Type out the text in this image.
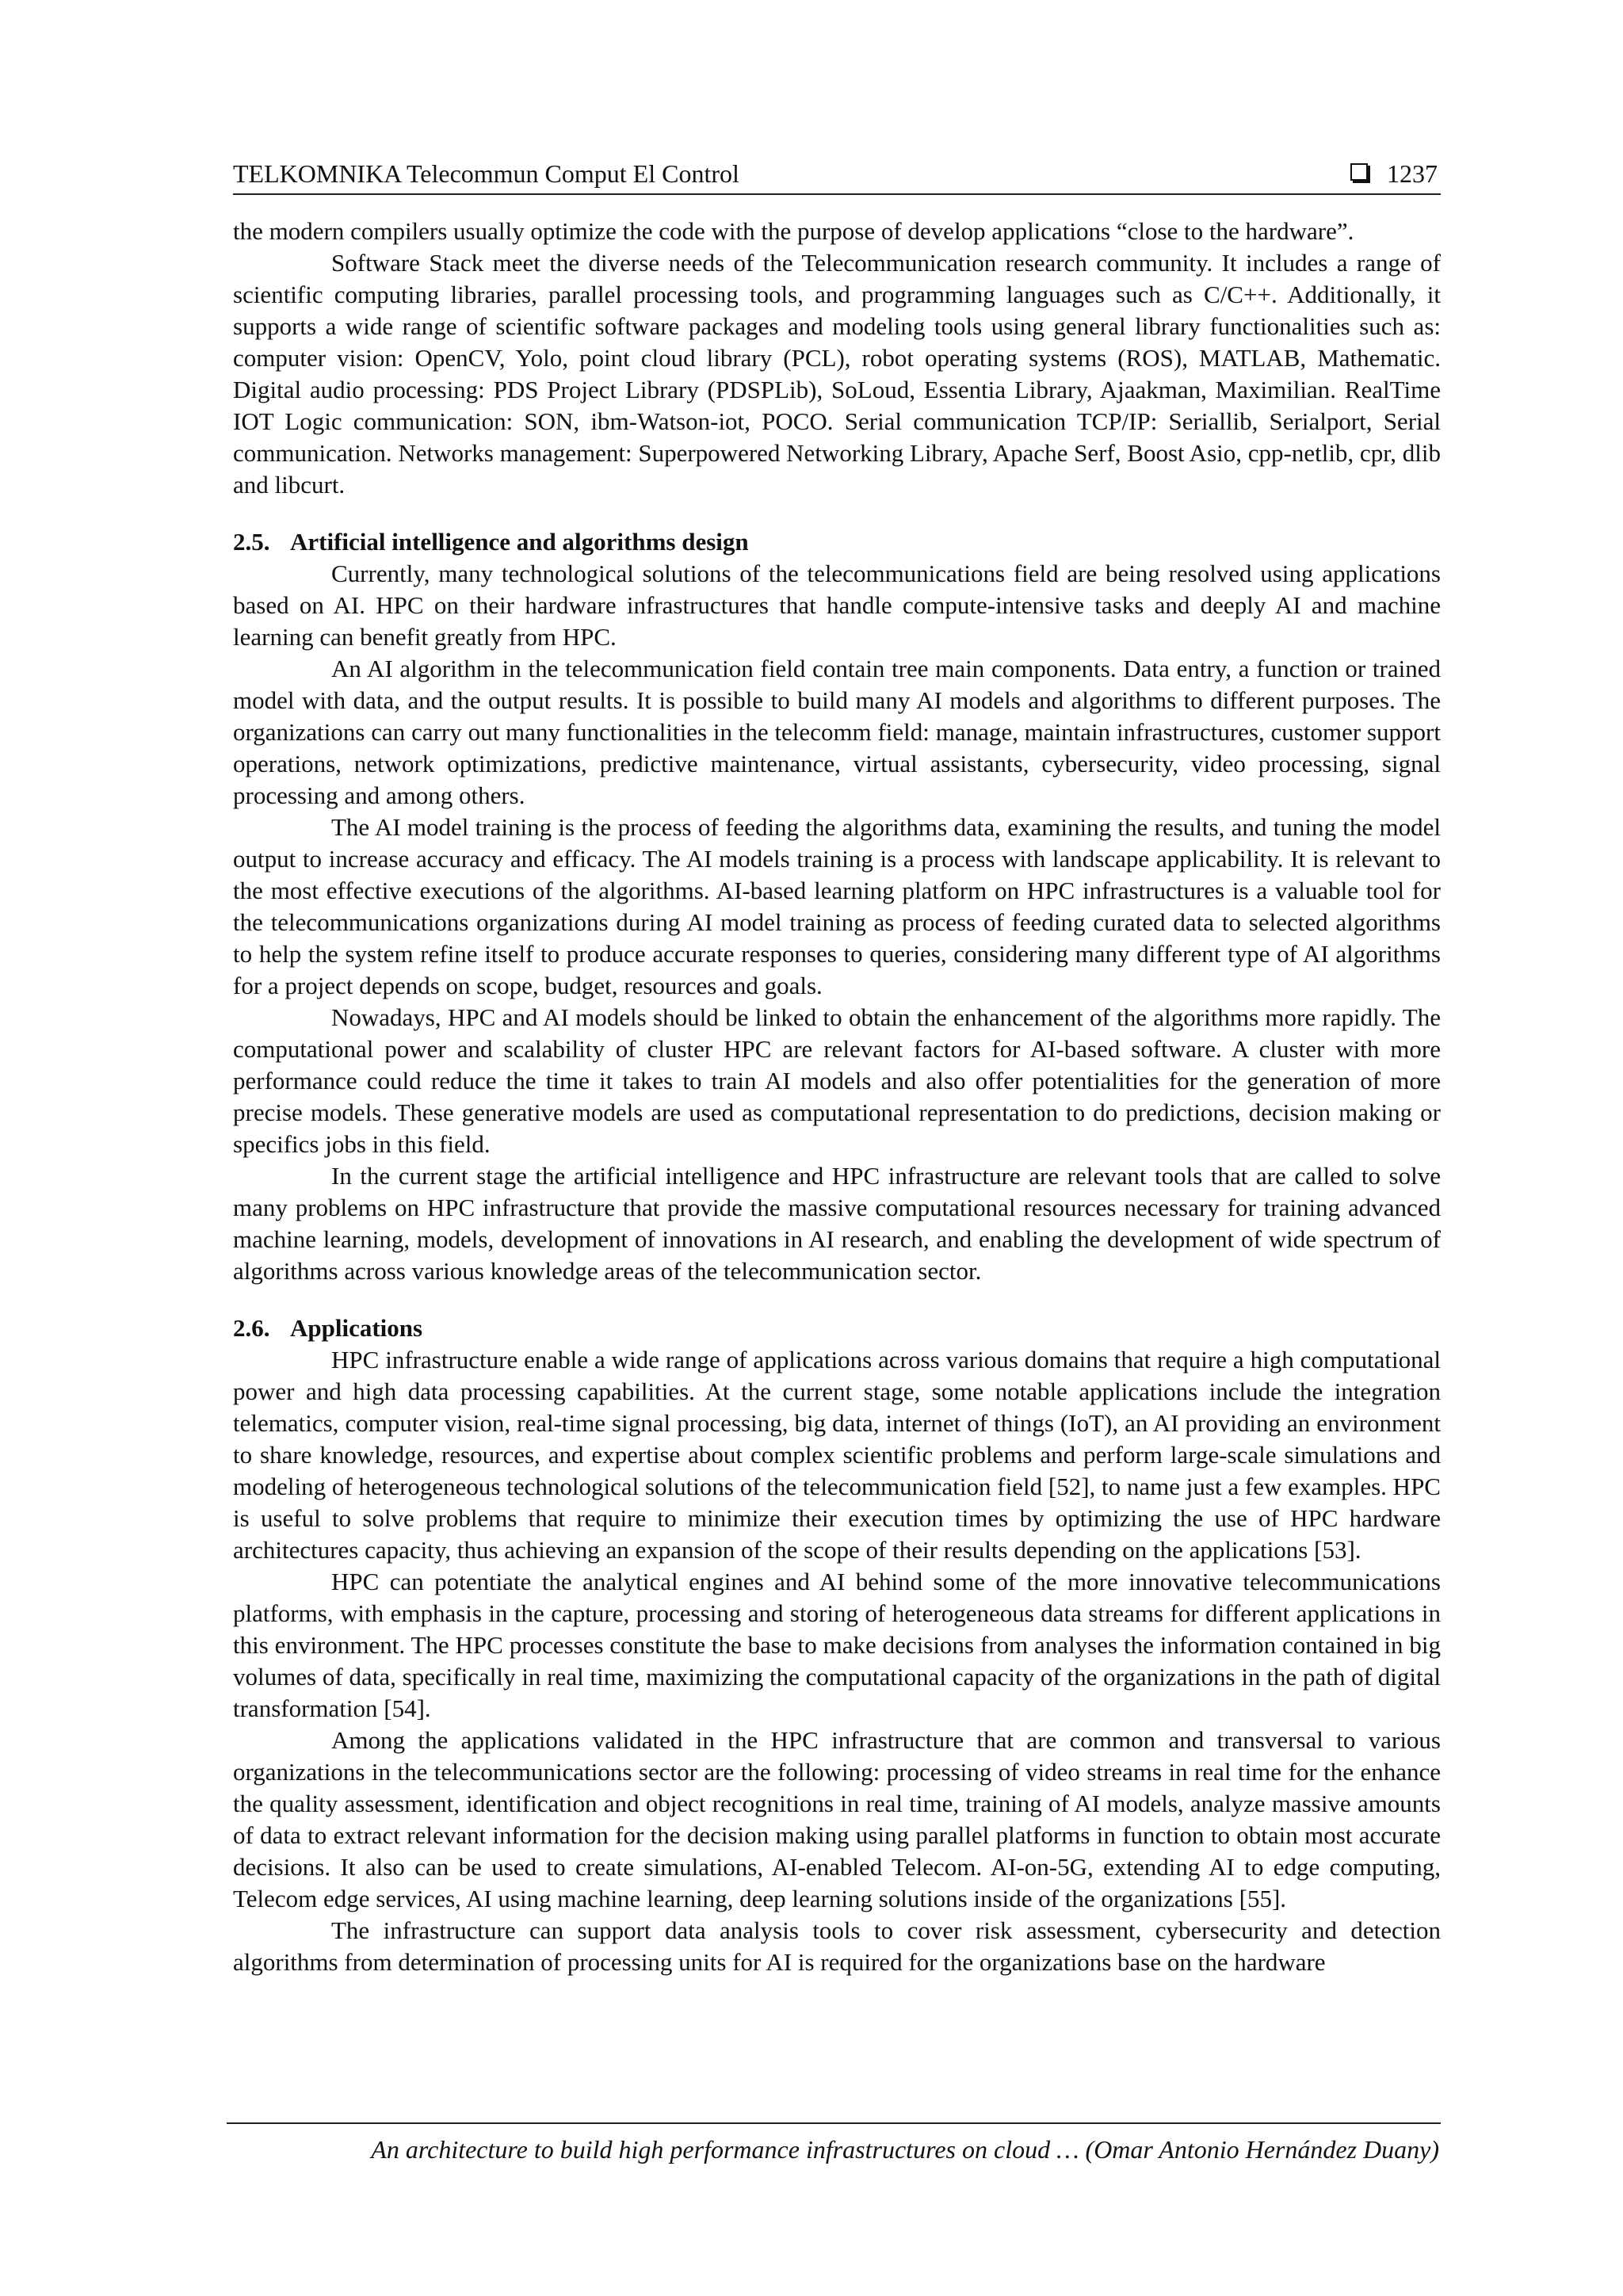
TELKOMNIKA Telecommun Comput El Control	1237

the modern compilers usually optimize the code with the purpose of develop applications “close to the hardware”.

Software Stack meet the diverse needs of the Telecommunication research community. It includes a range of scientific computing libraries, parallel processing tools, and programming languages such as C/C++. Additionally, it supports a wide range of scientific software packages and modeling tools using general library functionalities such as: computer vision: OpenCV, Yolo, point cloud library (PCL), robot operating systems (ROS), MATLAB, Mathematic. Digital audio processing: PDS Project Library (PDSPLib), SoLoud, Essentia Library, Ajaakman, Maximilian. RealTime IOT Logic communication: SON, ibm-Watson-iot, POCO. Serial communication TCP/IP: Seriallib, Serialport, Serial communication. Networks management: Superpowered Networking Library, Apache Serf, Boost Asio, cpp-netlib, cpr, dlib and libcurt.

2.5. Artificial intelligence and algorithms design

Currently, many technological solutions of the telecommunications field are being resolved using applications based on AI. HPC on their hardware infrastructures that handle compute-intensive tasks and deeply AI and machine learning can benefit greatly from HPC.

An AI algorithm in the telecommunication field contain tree main components. Data entry, a function or trained model with data, and the output results. It is possible to build many AI models and algorithms to different purposes. The organizations can carry out many functionalities in the telecomm field: manage, maintain infrastructures, customer support operations, network optimizations, predictive maintenance, virtual assistants, cybersecurity, video processing, signal processing and among others.

The AI model training is the process of feeding the algorithms data, examining the results, and tuning the model output to increase accuracy and efficacy. The AI models training is a process with landscape applicability. It is relevant to the most effective executions of the algorithms. AI-based learning platform on HPC infrastructures is a valuable tool for the telecommunications organizations during AI model training as process of feeding curated data to selected algorithms to help the system refine itself to produce accurate responses to queries, considering many different type of AI algorithms for a project depends on scope, budget, resources and goals.

Nowadays, HPC and AI models should be linked to obtain the enhancement of the algorithms more rapidly. The computational power and scalability of cluster HPC are relevant factors for AI-based software. A cluster with more performance could reduce the time it takes to train AI models and also offer potentialities for the generation of more precise models. These generative models are used as computational representation to do predictions, decision making or specifics jobs in this field.

In the current stage the artificial intelligence and HPC infrastructure are relevant tools that are called to solve many problems on HPC infrastructure that provide the massive computational resources necessary for training advanced machine learning, models, development of innovations in AI research, and enabling the development of wide spectrum of algorithms across various knowledge areas of the telecommunication sector.

2.6. Applications

HPC infrastructure enable a wide range of applications across various domains that require a high computational power and high data processing capabilities. At the current stage, some notable applications include the integration telematics, computer vision, real-time signal processing, big data, internet of things (IoT), an AI providing an environment to share knowledge, resources, and expertise about complex scientific problems and perform large-scale simulations and modeling of heterogeneous technological solutions of the telecommunication field [52], to name just a few examples. HPC is useful to solve problems that require to minimize their execution times by optimizing the use of HPC hardware architectures capacity, thus achieving an expansion of the scope of their results depending on the applications [53].

HPC can potentiate the analytical engines and AI behind some of the more innovative telecommunications platforms, with emphasis in the capture, processing and storing of heterogeneous data streams for different applications in this environment. The HPC processes constitute the base to make decisions from analyses the information contained in big volumes of data, specifically in real time, maximizing the computational capacity of the organizations in the path of digital transformation [54].

Among the applications validated in the HPC infrastructure that are common and transversal to various organizations in the telecommunications sector are the following: processing of video streams in real time for the enhance the quality assessment, identification and object recognitions in real time, training of AI models, analyze massive amounts of data to extract relevant information for the decision making using parallel platforms in function to obtain most accurate decisions. It also can be used to create simulations, AI-enabled Telecom. AI-on-5G, extending AI to edge computing, Telecom edge services, AI using machine learning, deep learning solutions inside of the organizations [55].

The infrastructure can support data analysis tools to cover risk assessment, cybersecurity and detection algorithms from determination of processing units for AI is required for the organizations base on the hardware

An architecture to build high performance infrastructures on cloud … (Omar Antonio Hernández Duany)
